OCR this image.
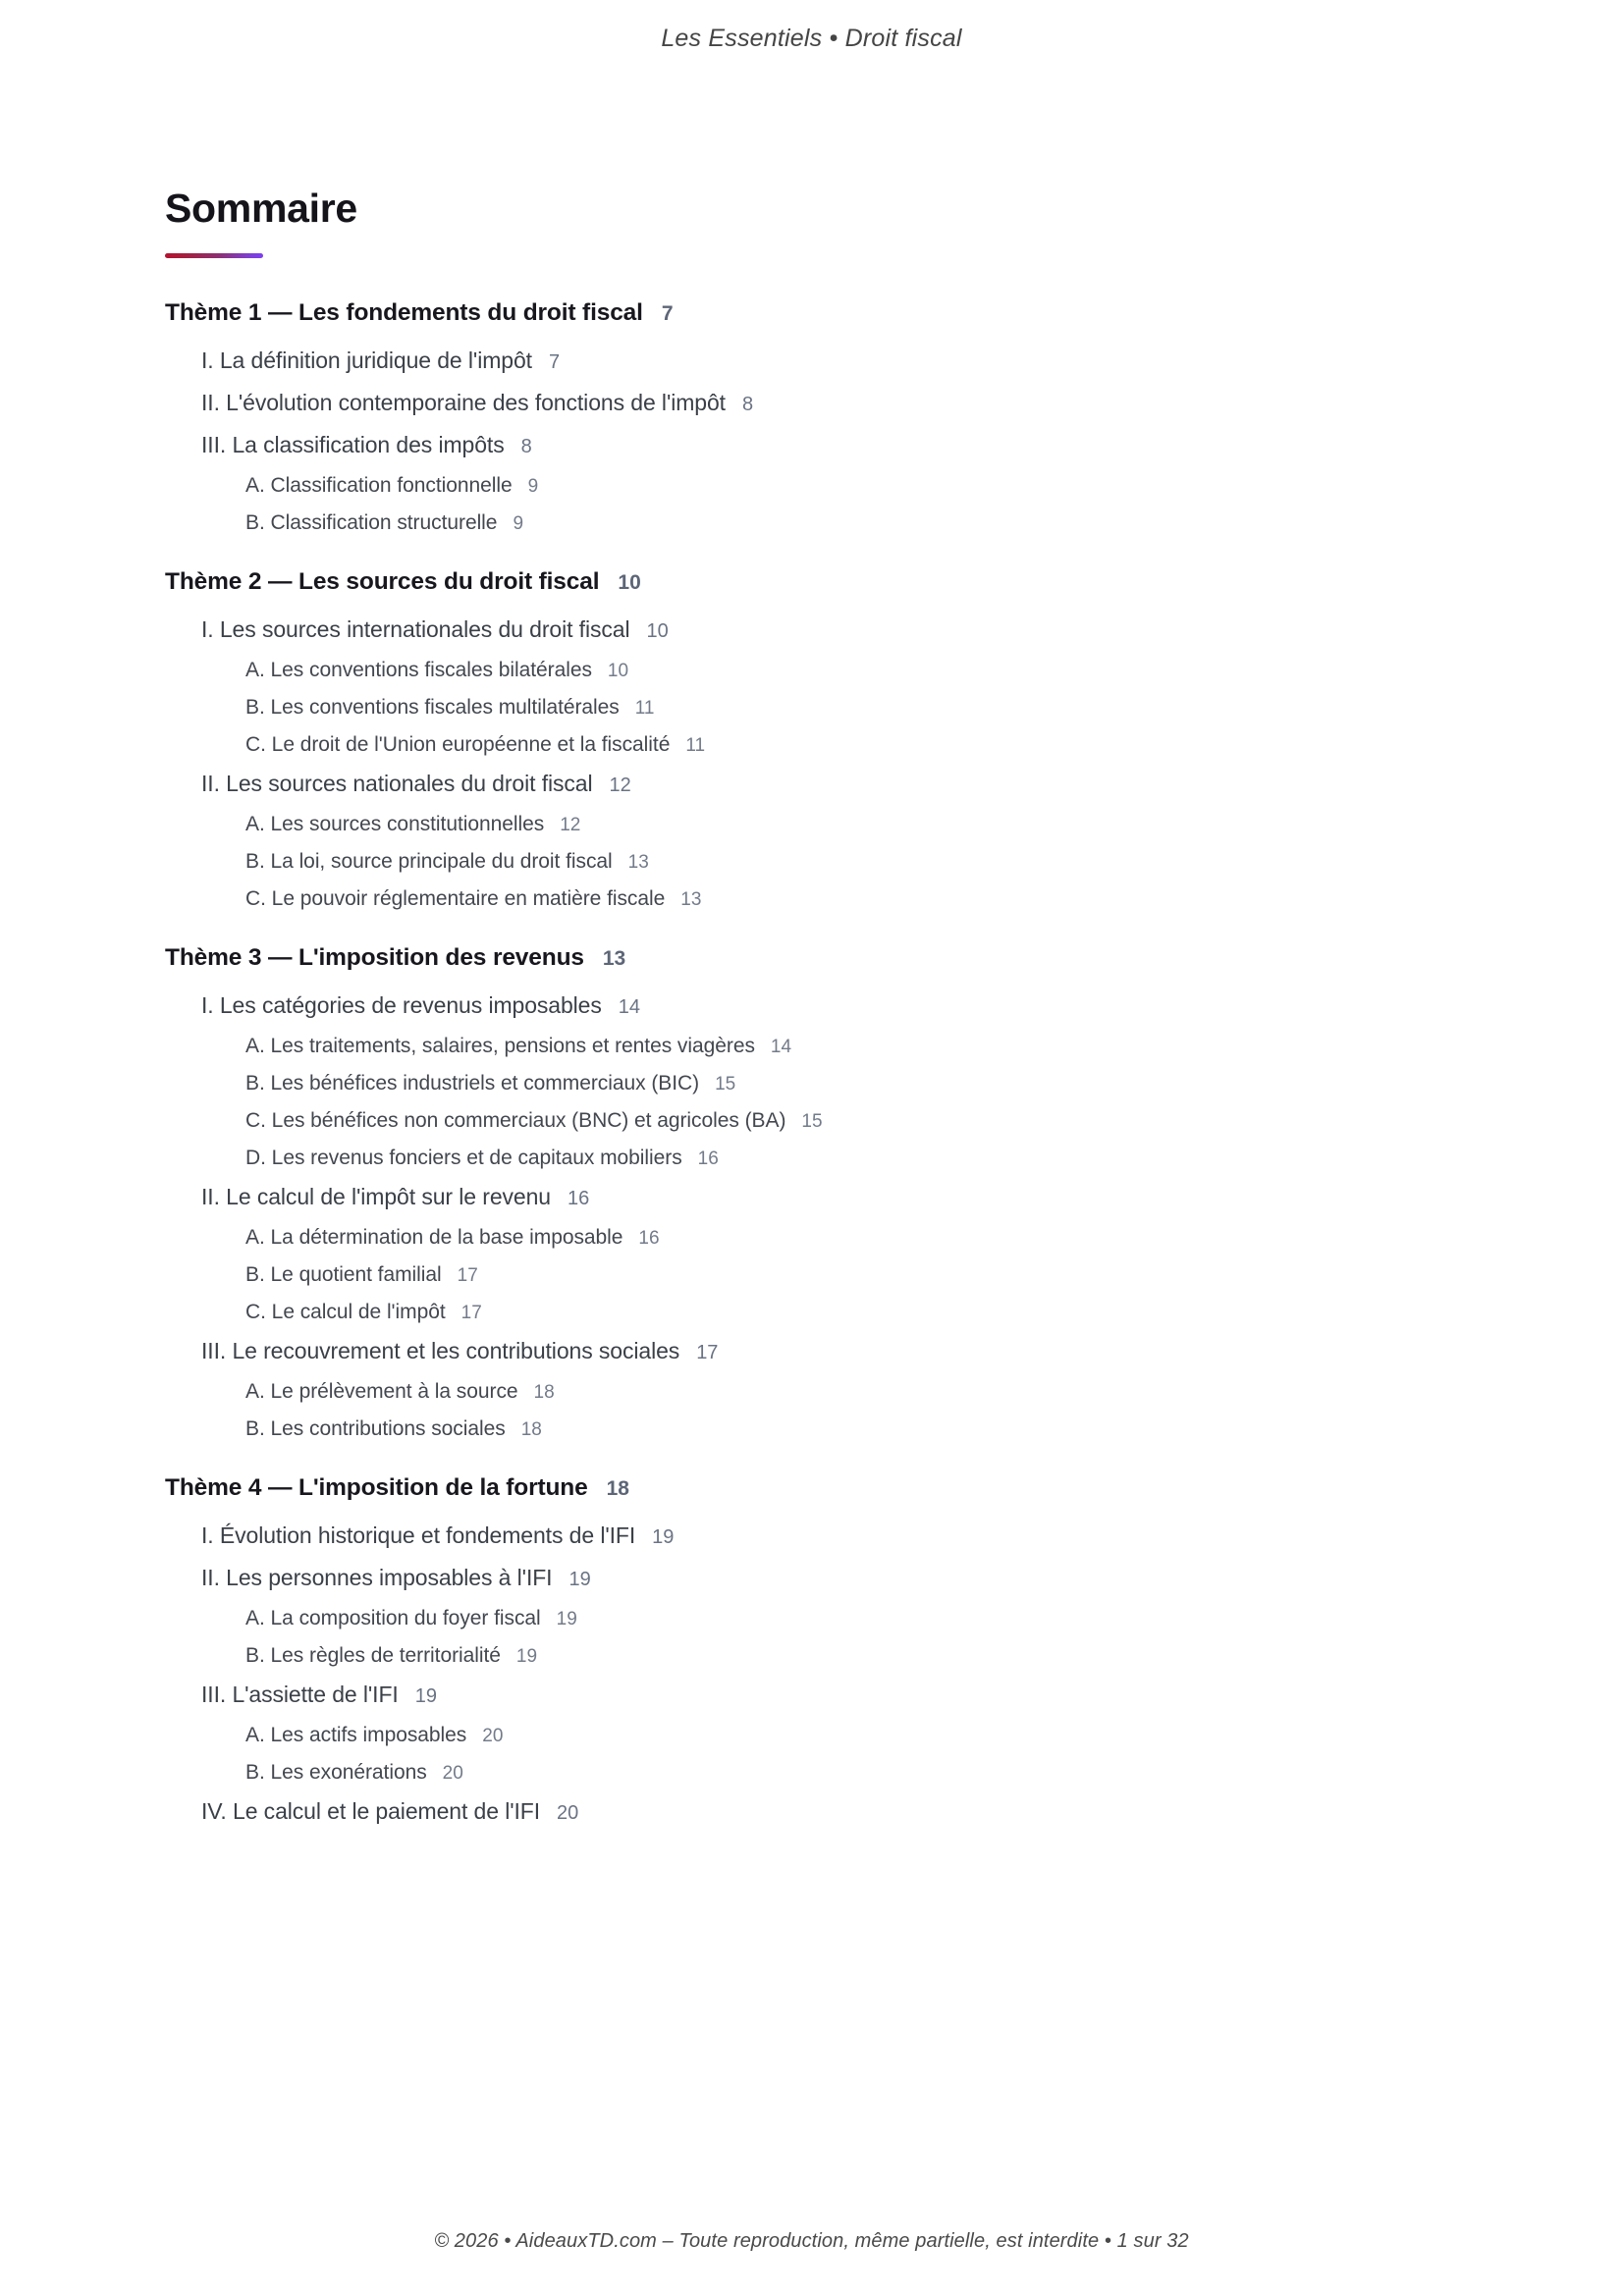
Les Essentiels • Droit fiscal
Sommaire
Thème 1 — Les fondements du droit fiscal 7
I. La définition juridique de l'impôt 7
II. L'évolution contemporaine des fonctions de l'impôt 8
III. La classification des impôts 8
A. Classification fonctionnelle 9
B. Classification structurelle 9
Thème 2 — Les sources du droit fiscal 10
I. Les sources internationales du droit fiscal 10
A. Les conventions fiscales bilatérales 10
B. Les conventions fiscales multilatérales 11
C. Le droit de l'Union européenne et la fiscalité 11
II. Les sources nationales du droit fiscal 12
A. Les sources constitutionnelles 12
B. La loi, source principale du droit fiscal 13
C. Le pouvoir réglementaire en matière fiscale 13
Thème 3 — L'imposition des revenus 13
I. Les catégories de revenus imposables 14
A. Les traitements, salaires, pensions et rentes viagères 14
B. Les bénéfices industriels et commerciaux (BIC) 15
C. Les bénéfices non commerciaux (BNC) et agricoles (BA) 15
D. Les revenus fonciers et de capitaux mobiliers 16
II. Le calcul de l'impôt sur le revenu 16
A. La détermination de la base imposable 16
B. Le quotient familial 17
C. Le calcul de l'impôt 17
III. Le recouvrement et les contributions sociales 17
A. Le prélèvement à la source 18
B. Les contributions sociales 18
Thème 4 — L'imposition de la fortune 18
I. Évolution historique et fondements de l'IFI 19
II. Les personnes imposables à l'IFI 19
A. La composition du foyer fiscal 19
B. Les règles de territorialité 19
III. L'assiette de l'IFI 19
A. Les actifs imposables 20
B. Les exonérations 20
IV. Le calcul et le paiement de l'IFI 20
© 2026 • AideauxTD.com – Toute reproduction, même partielle, est interdite • 1 sur 32
